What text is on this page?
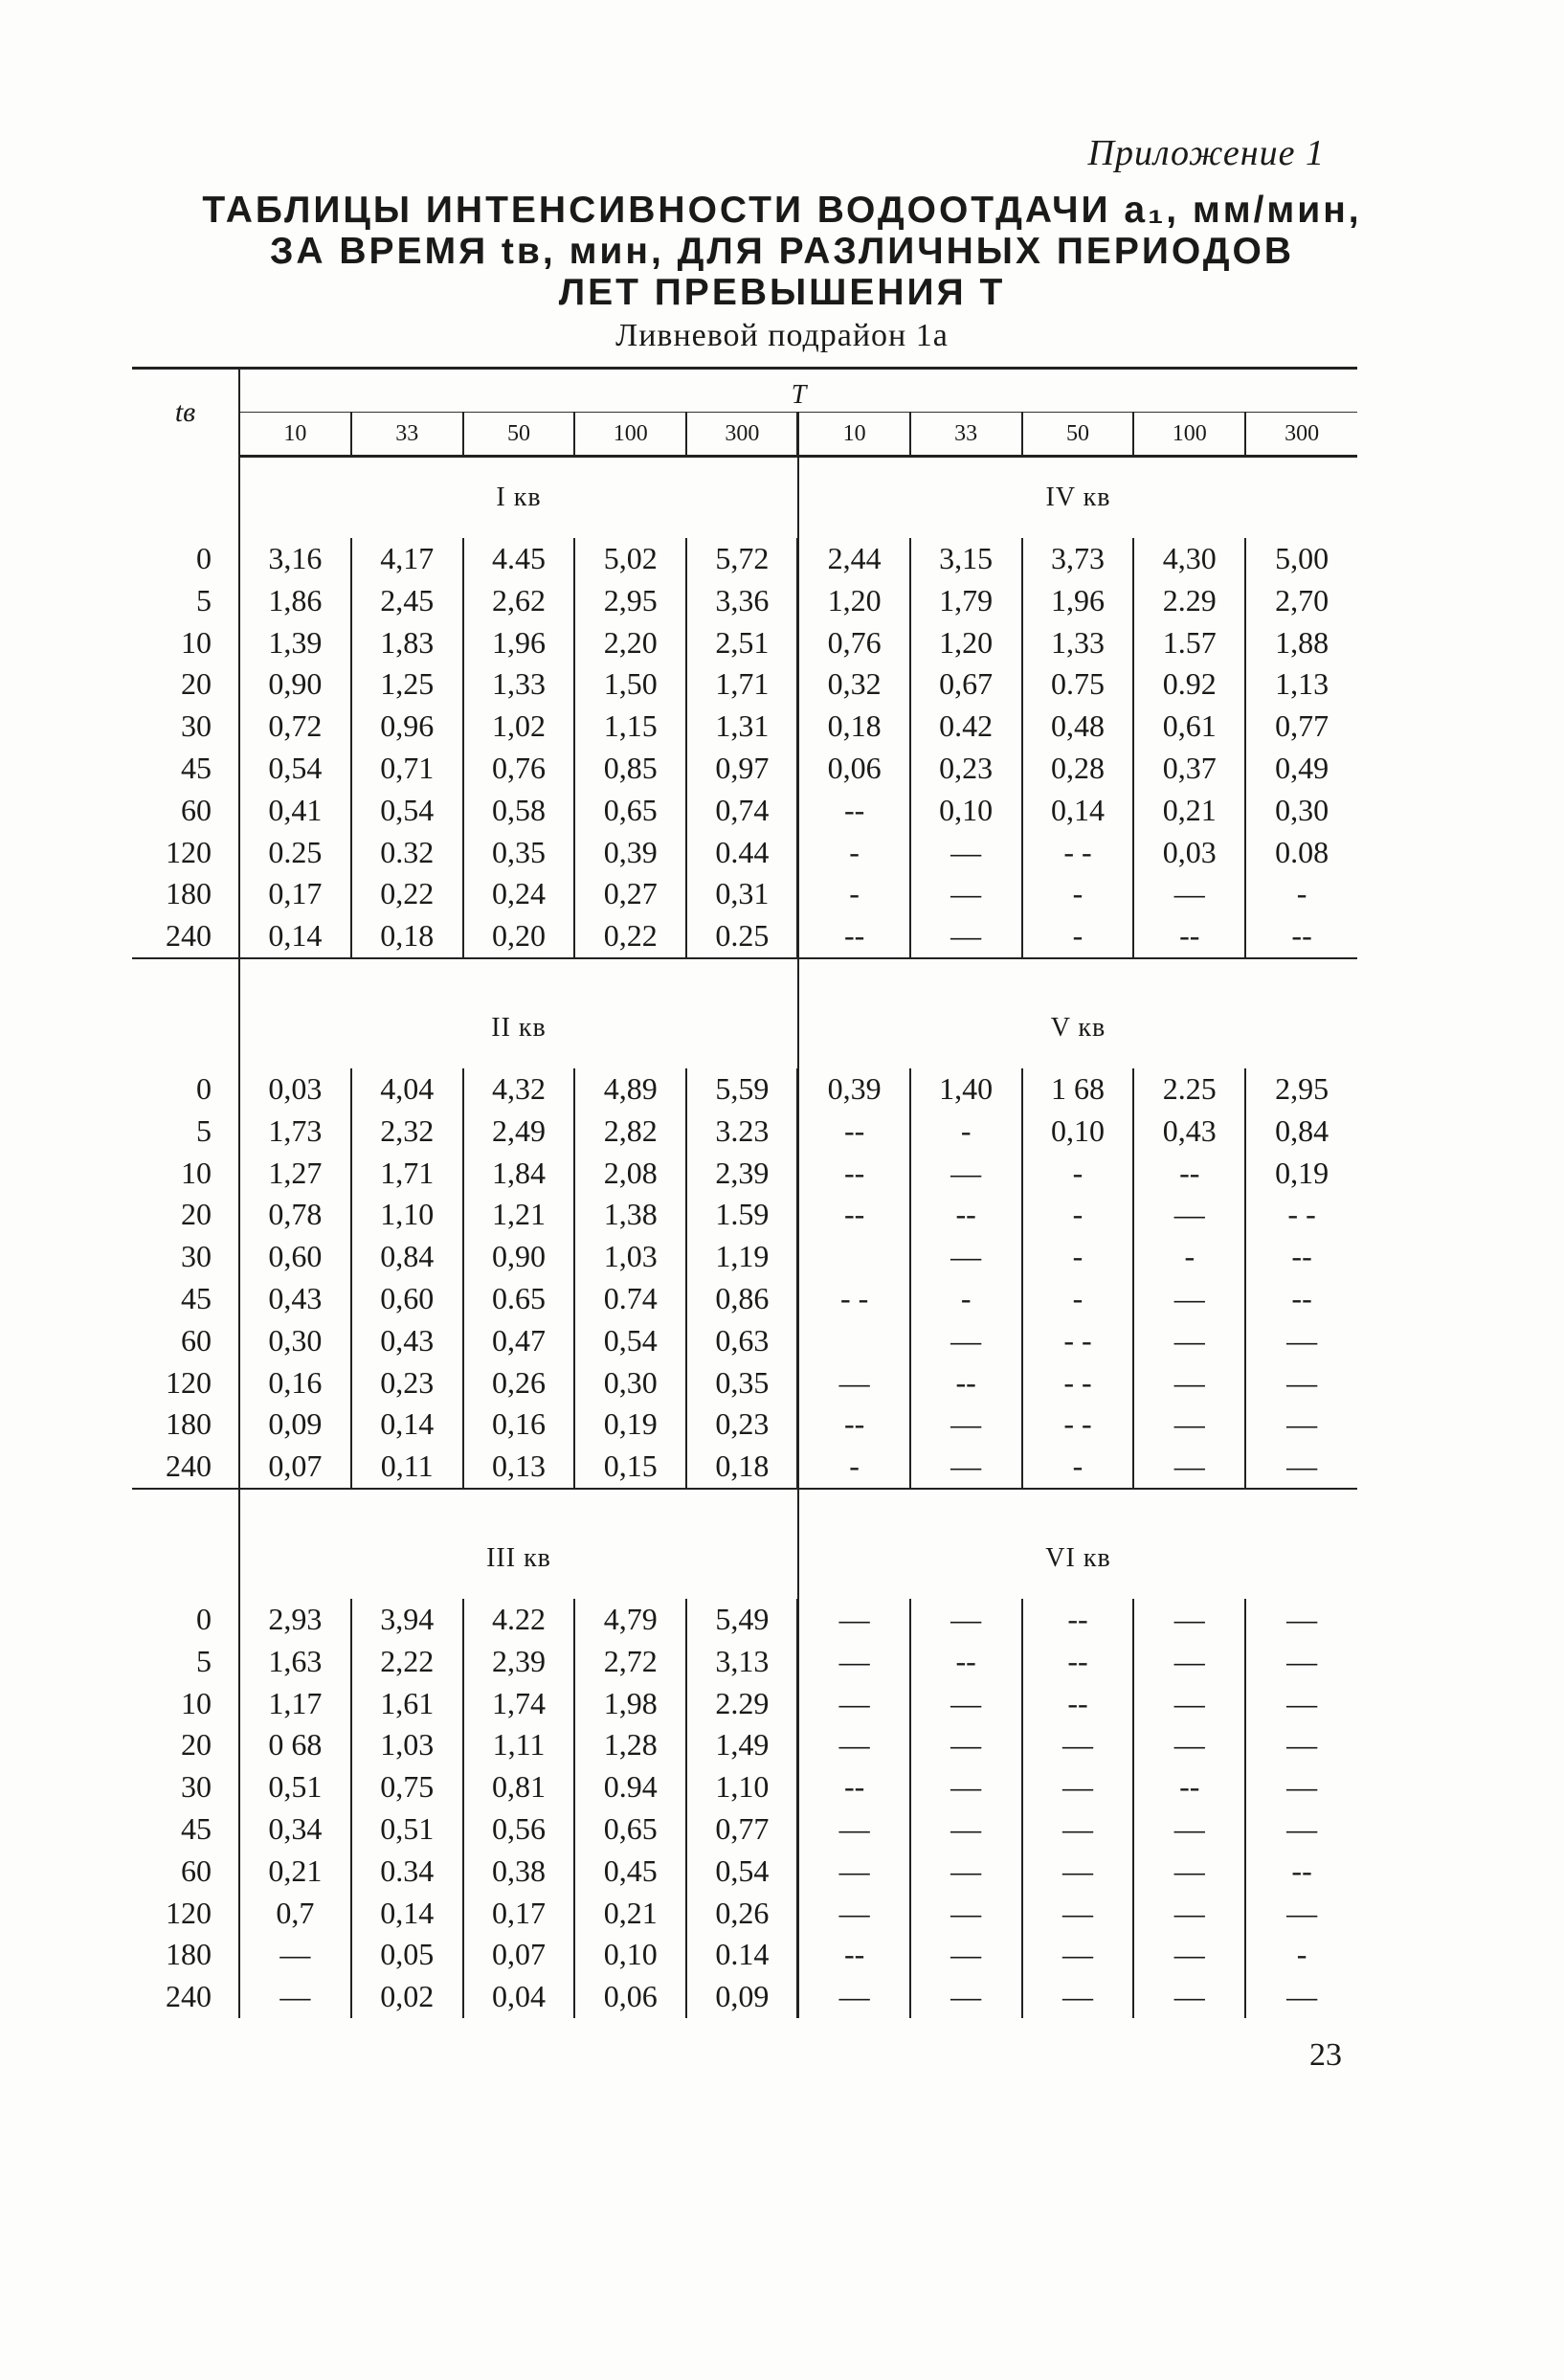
Приложение 1
ТАБЛИЦЫ ИНТЕНСИВНОСТИ ВОДООТДАЧИ a₁, мм/мин,
ЗА ВРЕМЯ tв, мин, ДЛЯ РАЗЛИЧНЫХ ПЕРИОДОВ
ЛЕТ ПРЕВЫШЕНИЯ T
Ливневой подрайон 1а

tв	T									
	10	33	50	100	300	10	33	50	100	300
	I кв					IV кв				
0	3,16	4,17	4.45	5,02	5,72	2,44	3,15	3,73	4,30	5,00
5	1,86	2,45	2,62	2,95	3,36	1,20	1,79	1,96	2.29	2,70
10	1,39	1,83	1,96	2,20	2,51	0,76	1,20	1,33	1.57	1,88
20	0,90	1,25	1,33	1,50	1,71	0,32	0,67	0.75	0.92	1,13
30	0,72	0,96	1,02	1,15	1,31	0,18	0.42	0,48	0,61	0,77
45	0,54	0,71	0,76	0,85	0,97	0,06	0,23	0,28	0,37	0,49
60	0,41	0,54	0,58	0,65	0,74	--	0,10	0,14	0,21	0,30
120	0.25	0.32	0,35	0,39	0.44	-	—	- -	0,03	0.08
180	0,17	0,22	0,24	0,27	0,31	-	—	-	—	-
240	0,14	0,18	0,20	0,22	0.25	--	—	-	--	--

	II кв					V кв				
0	0,03	4,04	4,32	4,89	5,59	0,39	1,40	1 68	2.25	2,95
5	1,73	2,32	2,49	2,82	3.23	--	-	0,10	0,43	0,84
10	1,27	1,71	1,84	2,08	2,39	--	—	-	--	0,19
20	0,78	1,10	1,21	1,38	1.59	--	--	-	—	- -
30	0,60	0,84	0,90	1,03	1,19		—	-	-	--
45	0,43	0,60	0.65	0.74	0,86	- -	-	-	—	--
60	0,30	0,43	0,47	0,54	0,63		—	- -	—	—
120	0,16	0,23	0,26	0,30	0,35	—	--	- -	—	—
180	0,09	0,14	0,16	0,19	0,23	--	—	- -	—	—
240	0,07	0,11	0,13	0,15	0,18	-	—	-	—	—

	III кв					VI кв				
0	2,93	3,94	4.22	4,79	5,49	—	—	--	—	—
5	1,63	2,22	2,39	2,72	3,13	—	--	--	—	—
10	1,17	1,61	1,74	1,98	2.29	—	—	--	—	—
20	0 68	1,03	1,11	1,28	1,49	—	—	—	—	—
30	0,51	0,75	0,81	0.94	1,10	--	—	—	--	—
45	0,34	0,51	0,56	0,65	0,77	—	—	—	—	—
60	0,21	0.34	0,38	0,45	0,54	—	—	—	—	--
120	0,7	0,14	0,17	0,21	0,26	—	—	—	—	—
180	—	0,05	0,07	0,10	0.14	--	—	—	—	-
240	—	0,02	0,04	0,06	0,09	—	—	—	—	—
23
